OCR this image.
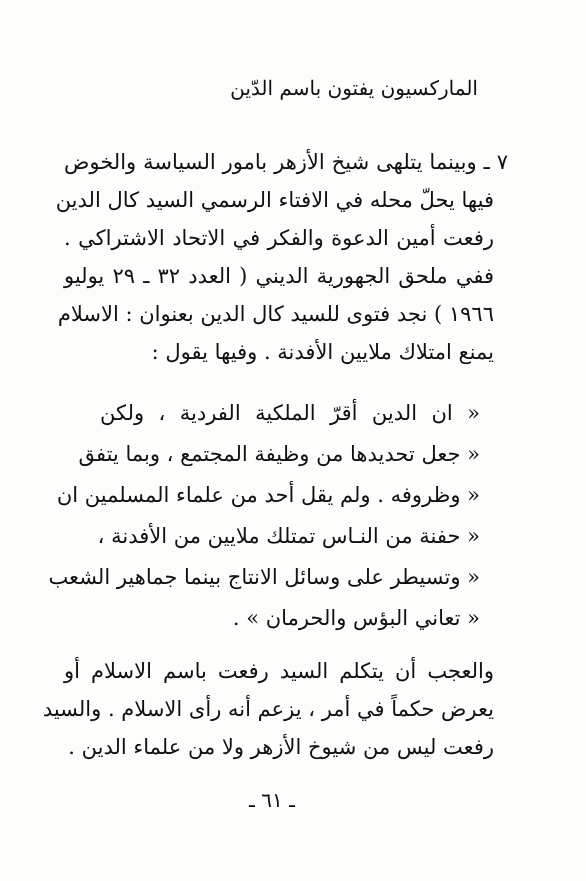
الماركسيون يفتون باسم الدّين
٧ ـ وبينما يتلهى شيخ الأزهر بامور السياسة والخوض
فيها يحلّ محله في الافتاء الرسمي السيد كال الدين
رفعت أمين الدعوة والفكر في الاتحاد الاشتراكي .
ففي ملحق الجهورية الديني ( العدد ٣٢ ـ ٢٩ يوليو
١٩٦٦ ) نجد فتوى للسيد كال الدين بعنوان : الاسلام
يمنع امتلاك ملايين الأفدنة . وفيها يقول :
« ان الدين أقرّ الملكية الفردية ، ولكن
« جعل تحديدها من وظيفة المجتمع ، وبما يتفق
« وظروفه . ولم يقل أحد من علماء المسلمين ان
« حفنة من النـاس تمتلك ملايين من الأفدنة ،
« وتسيطر على وسائل الانتاج بينما جماهير الشعب
« تعاني البؤس والحرمان » .
والعجب أن يتكلم السيد رفعت باسم الاسلام أو
يعرض حكماً في أمر ، يزعم أنه رأى الاسلام . والسيد
رفعت ليس من شيوخ الأزهر ولا من علماء الدين .
ـ ٦١ ـ
